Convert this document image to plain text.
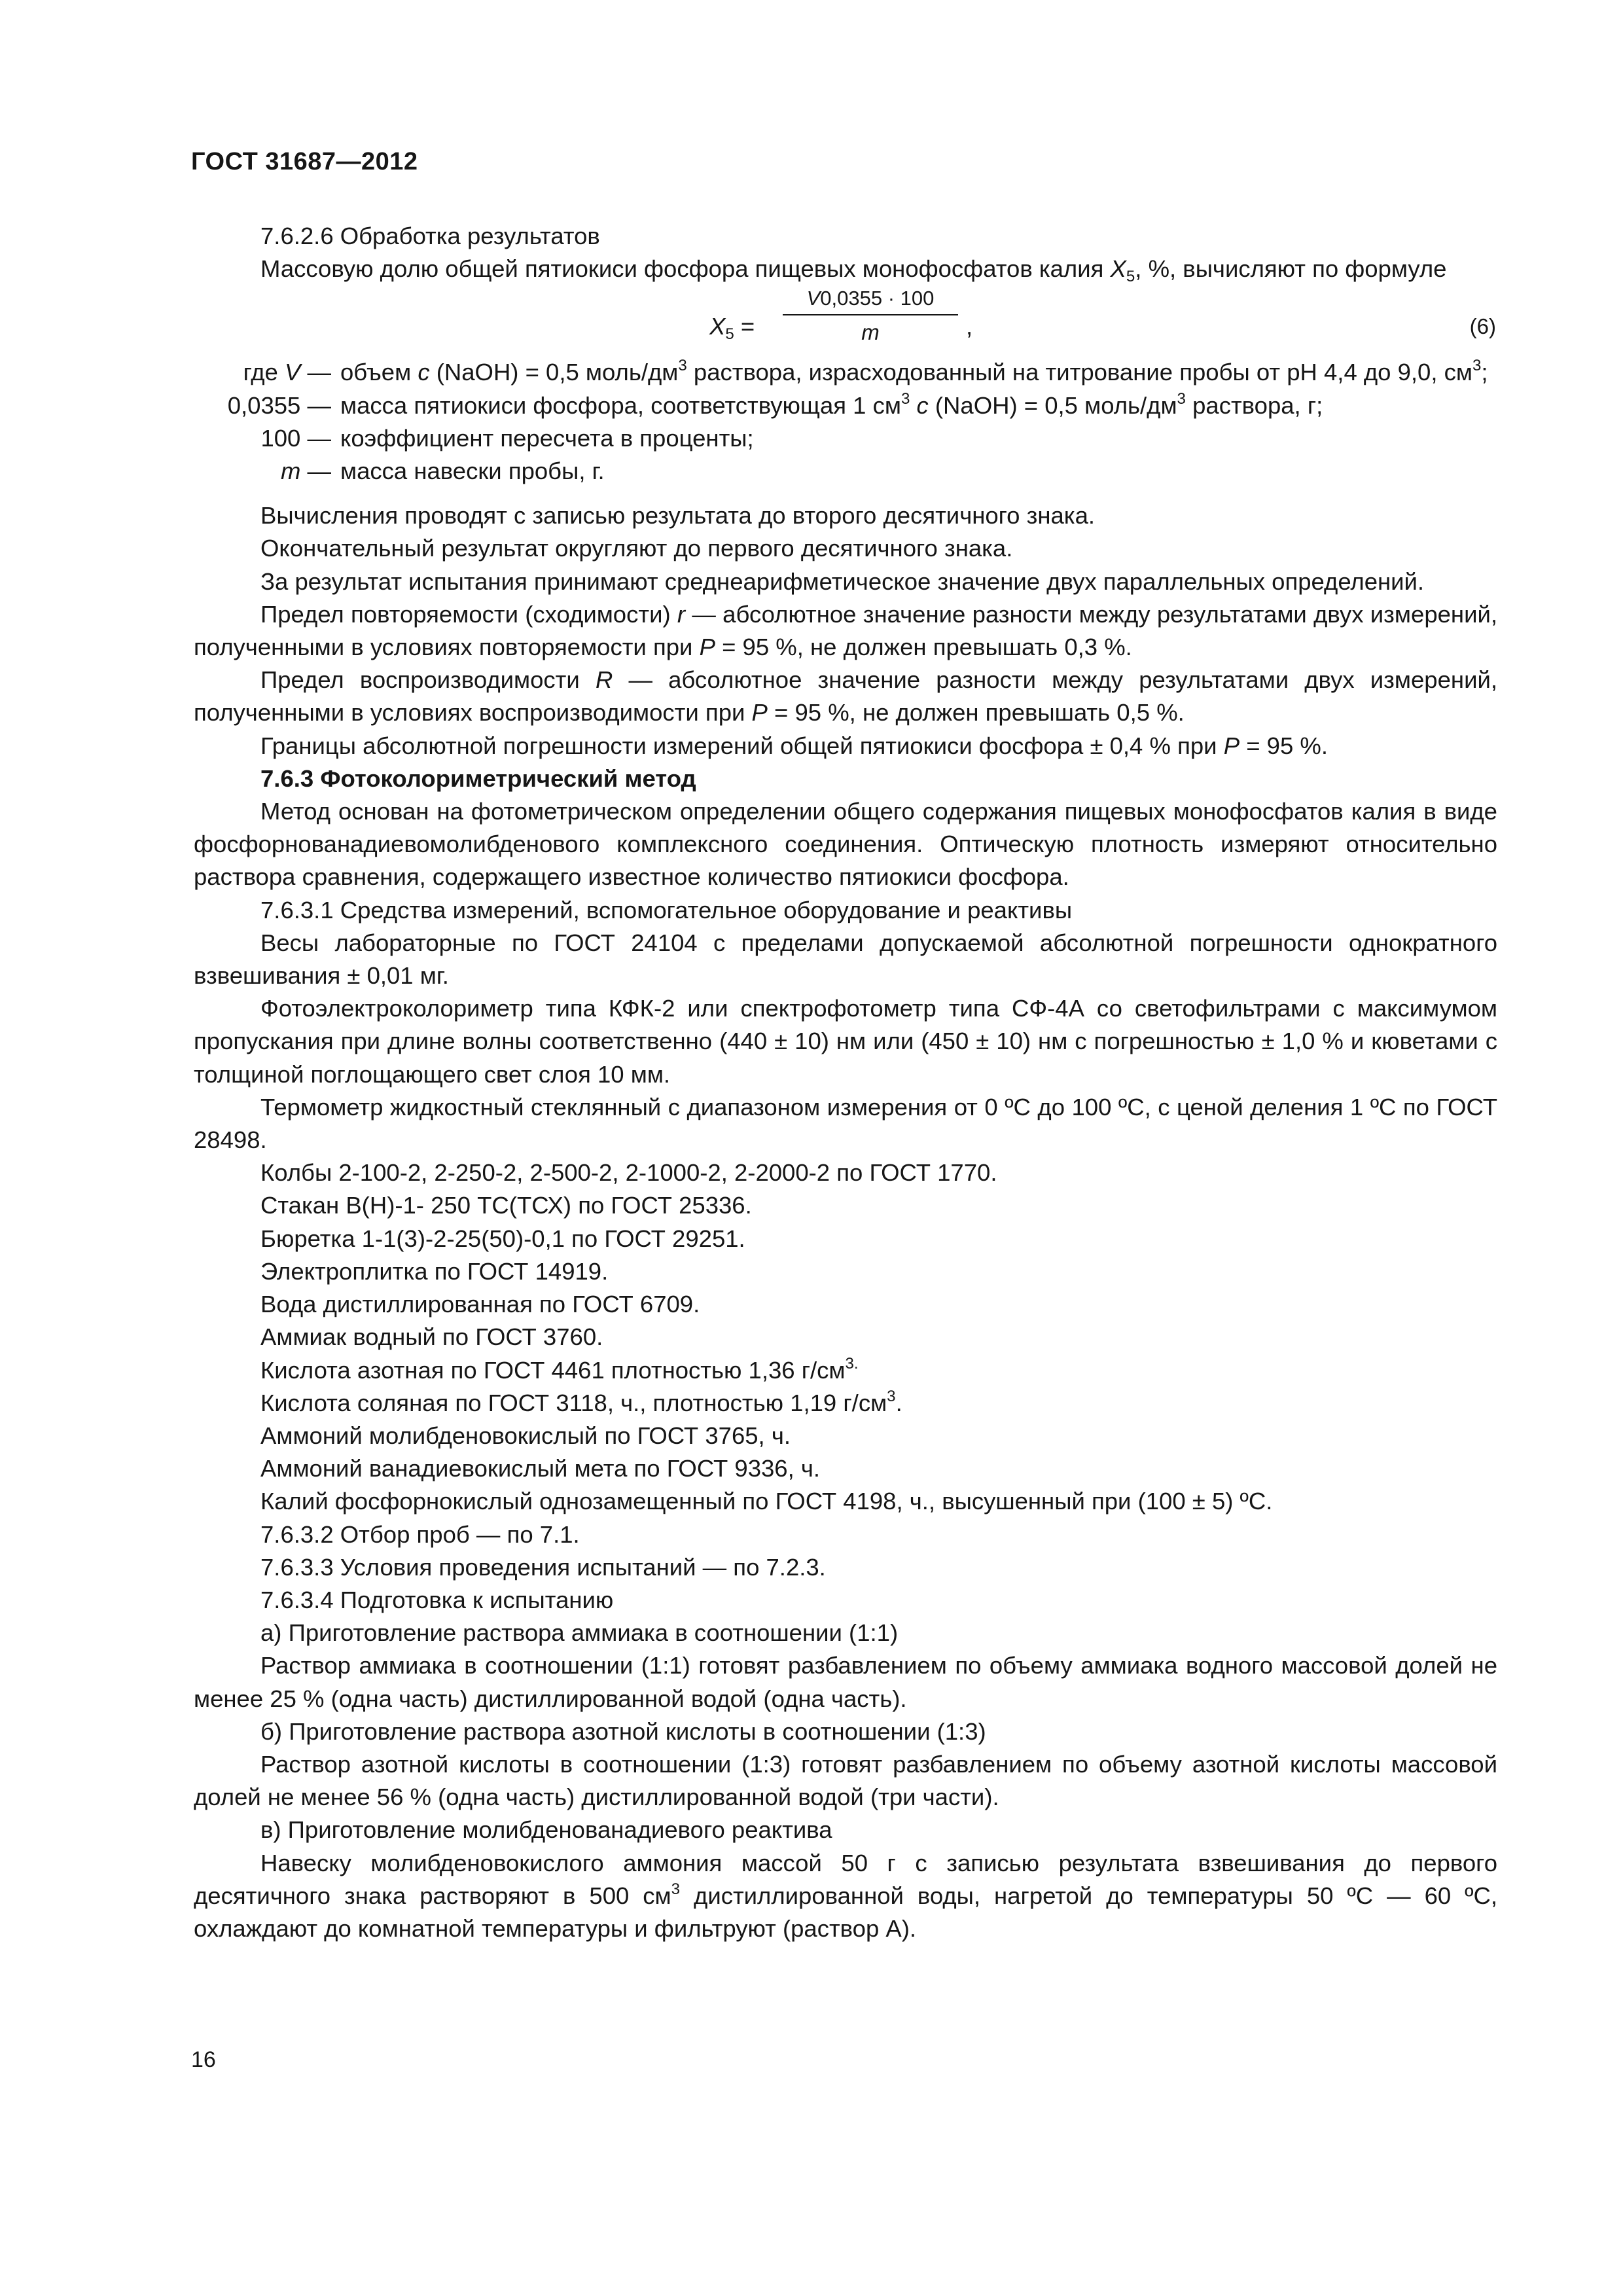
ГОСТ 31687—2012

7.6.2.6 Обработка результатов

Массовую долю общей пятиокиси фосфора пищевых монофосфатов калия $X_5$, %, вычисляют по формуле

$X_5$ =
V0,0355 · 100
m	,	(6)
где V — объем c (NaOH) = 0,5 моль/$дм^3$ раствора, израсходованный на титрование пробы от pH 4,4 до 9,0, $см^3$;
0,0355 — масса пятиокиси фосфора, соответствующая 1 $см^3$ c (NaOH) = 0,5 моль/$дм^3$ раствора, г;
100 — коэффициент пересчета в проценты;
m — масса навески пробы, г.

Вычисления проводят с записью результата до второго десятичного знака.

Окончательный результат округляют до первого десятичного знака.

За результат испытания принимают среднеарифметическое значение двух параллельных определений.

Предел повторяемости (сходимости) r — абсолютное значение разности между результатами двух измерений, полученными в условиях повторяемости при P = 95 %, не должен превышать 0,3 %.

Предел воспроизводимости R — абсолютное значение разности между результатами двух измерений, полученными в условиях воспроизводимости при P = 95 %, не должен превышать 0,5 %.

Границы абсолютной погрешности измерений общей пятиокиси фосфора ± 0,4 % при P = 95 %.

7.6.3 Фотоколориметрический метод

Метод основан на фотометрическом определении общего содержания пищевых монофосфатов калия в виде фосфорнованадиевомолибденового комплексного соединения. Оптическую плотность измеряют относительно раствора сравнения, содержащего известное количество пятиокиси фосфора.

7.6.3.1 Средства измерений, вспомогательное оборудование и реактивы

Весы лабораторные по ГОСТ 24104 с пределами допускаемой абсолютной погрешности однократного взвешивания ± 0,01 мг.

Фотоэлектроколориметр типа КФК-2 или спектрофотометр типа СФ-4А со светофильтрами с максимумом пропускания при длине волны соответственно (440 ± 10) нм или (450 ± 10) нм с погрешностью ± 1,0 % и кюветами с толщиной поглощающего свет слоя 10 мм.

Термометр жидкостный стеклянный с диапазоном измерения от 0 ºС до 100 ºС, с ценой деления 1 ºС по ГОСТ 28498.

Колбы 2-100-2, 2-250-2, 2-500-2, 2-1000-2, 2-2000-2 по ГОСТ 1770.

Стакан В(Н)-1- 250 ТС(ТСХ) по ГОСТ 25336.

Бюретка 1-1(3)-2-25(50)-0,1 по ГОСТ 29251.

Электроплитка по ГОСТ 14919.

Вода дистиллированная по ГОСТ 6709.

Аммиак водный по ГОСТ 3760.

Кислота азотная по ГОСТ 4461 плотностью 1,36 $г/см^{3.}$

Кислота соляная по ГОСТ 3118, ч., плотностью 1,19 $г/см^3$.

Аммоний молибденовокислый по ГОСТ 3765, ч.

Аммоний ванадиевокислый мета по ГОСТ 9336, ч.

Калий фосфорнокислый однозамещенный по ГОСТ 4198, ч., высушенный при (100 ± 5) ºС.

7.6.3.2 Отбор проб — по 7.1.

7.6.3.3 Условия проведения испытаний — по 7.2.3.

7.6.3.4 Подготовка к испытанию

а) Приготовление раствора аммиака в соотношении (1:1)

Раствор аммиака в соотношении (1:1) готовят разбавлением по объему аммиака водного массовой долей не менее 25 % (одна часть) дистиллированной водой (одна часть).

б) Приготовление раствора азотной кислоты в соотношении (1:3)

Раствор азотной кислоты в соотношении (1:3) готовят разбавлением по объему азотной кислоты массовой долей не менее 56 % (одна часть) дистиллированной водой (три части).

в) Приготовление молибденованадиевого реактива

Навеску молибденовокислого аммония массой 50 г с записью результата взвешивания до первого десятичного знака растворяют в 500 $см^3$ дистиллированной воды, нагретой до температуры 50 ºС — 60 ºС, охлаждают до комнатной температуры и фильтруют (раствор А).

16
